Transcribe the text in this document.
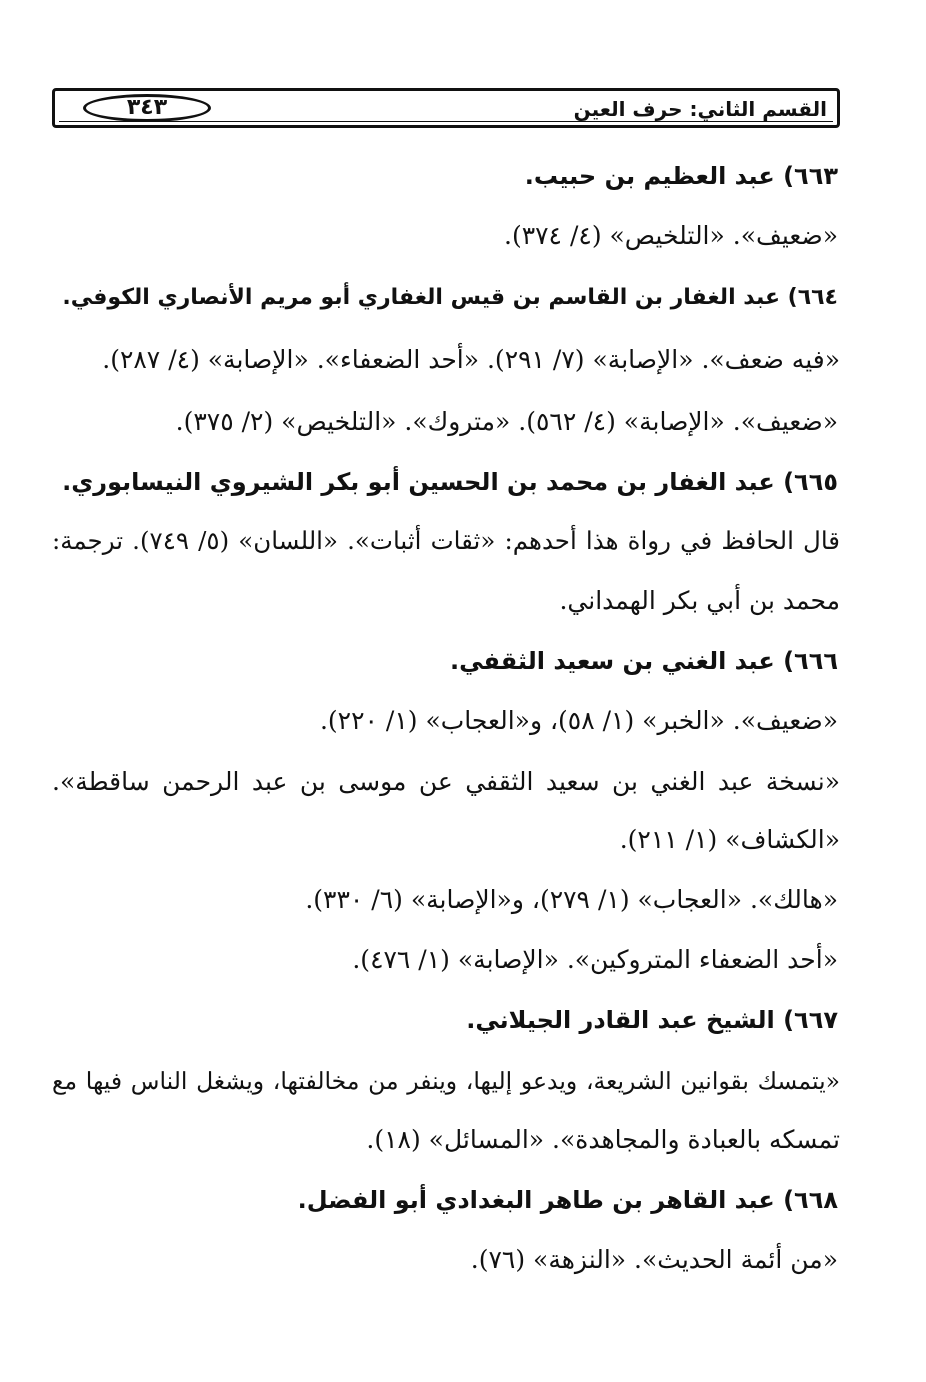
٣٤٣	القسم الثاني: حرف العين
٦٦٣) عبد العظيم بن حبيب.
«ضعيف». «التلخيص» (٤/ ٣٧٤).
٦٦٤) عبد الغفار بن القاسم بن قيس الغفاري أبو مريم الأنصاري الكوفي.
«فيه ضعف». «الإصابة» (٧/ ٢٩١). «أحد الضعفاء». «الإصابة» (٤/ ٢٨٧).
«ضعيف». «الإصابة» (٤/ ٥٦٢). «متروك». «التلخيص» (٢/ ٣٧٥).
٦٦٥) عبد الغفار بن محمد بن الحسين أبو بكر الشيروي النيسابوري.
قال الحافظ في رواة هذا أحدهم: «ثقات أثبات». «اللسان» (٥/ ٧٤٩). ترجمة:
محمد بن أبي بكر الهمداني.
٦٦٦) عبد الغني بن سعيد الثقفي.
«ضعيف». «الخبر» (١/ ٥٨)، و«العجاب» (١/ ٢٢٠).
«نسخة عبد الغني بن سعيد الثقفي عن موسى بن عبد الرحمن ساقطة».
«الكشاف» (١/ ٢١١).
«هالك». «العجاب» (١/ ٢٧٩)، و«الإصابة» (٦/ ٣٣٠).
«أحد الضعفاء المتروكين». «الإصابة» (١/ ٤٧٦).
٦٦٧) الشيخ عبد القادر الجيلاني.
«يتمسك بقوانين الشريعة، ويدعو إليها، وينفر من مخالفتها، ويشغل الناس فيها مع
تمسكه بالعبادة والمجاهدة». «المسائل» (١٨).
٦٦٨) عبد القاهر بن طاهر البغدادي أبو الفضل.
«من أئمة الحديث». «النزهة» (٧٦).
